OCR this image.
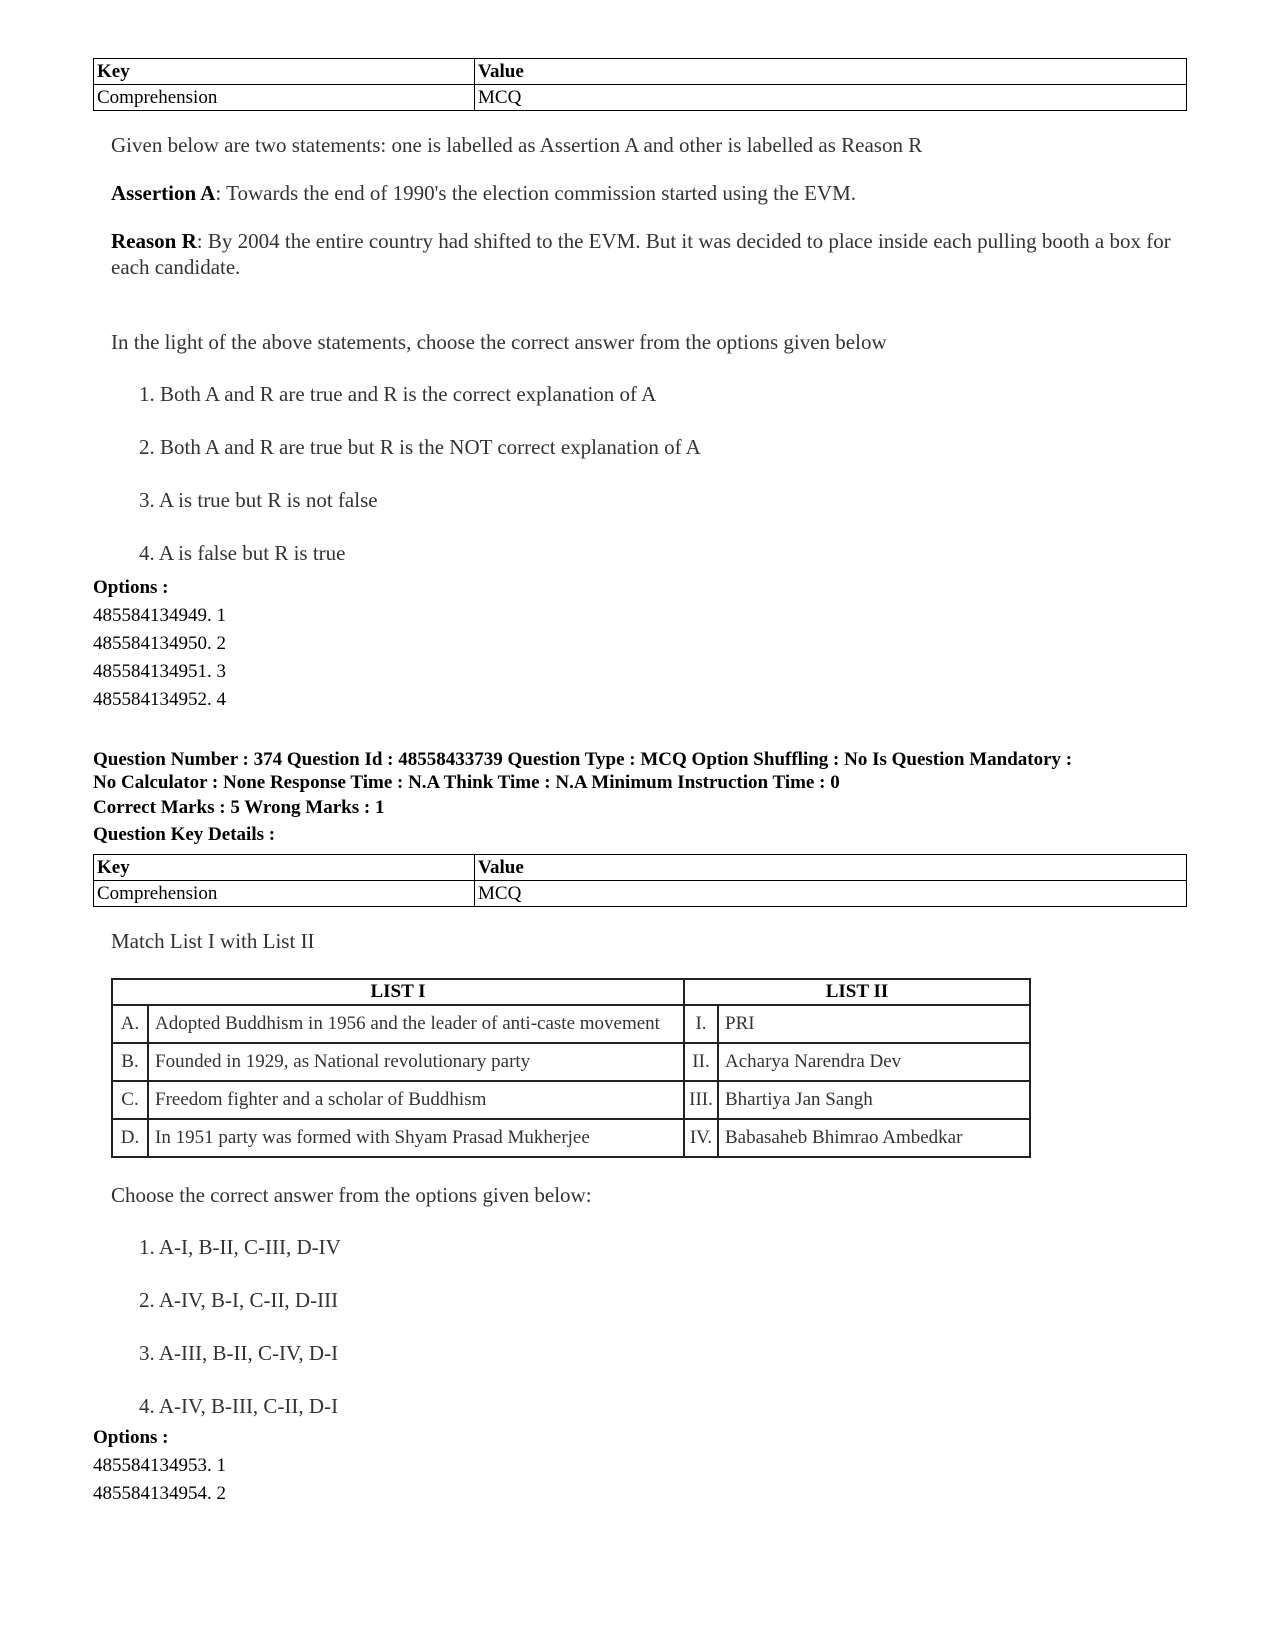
Key	Value
Comprehension	MCQ

Given below are two statements: one is labelled as Assertion A and other is labelled as Reason R

Assertion A: Towards the end of 1990's the election commission started using the EVM.

Reason R: By 2004 the entire country had shifted to the EVM. But it was decided to place inside each pulling booth a box for each candidate.

In the light of the above statements, choose the correct answer from the options given below

1. Both A and R are true and R is the correct explanation of A
2. Both A and R are true but R is the NOT correct explanation of A
3. A is true but R is not false
4. A is false but R is true
Options :
485584134949. 1
485584134950. 2
485584134951. 3
485584134952. 4
Question Number : 374 Question Id : 48558433739 Question Type : MCQ Option Shuffling : No Is Question Mandatory :
No Calculator : None Response Time : N.A Think Time : N.A Minimum Instruction Time : 0
Correct Marks : 5 Wrong Marks : 1
Question Key Details :
Key	Value
Comprehension	MCQ

Match List I with List II

LIST I		LIST II	
A.	Adopted Buddhism in 1956 and the leader of anti-caste movement	I.	PRI
B.	Founded in 1929, as National revolutionary party	II.	Acharya Narendra Dev
C.	Freedom fighter and a scholar of Buddhism	III.	Bhartiya Jan Sangh
D.	In 1951 party was formed with Shyam Prasad Mukherjee	IV.	Babasaheb Bhimrao Ambedkar

Choose the correct answer from the options given below:

1. A-I, B-II, C-III, D-IV
2. A-IV, B-I, C-II, D-III
3. A-III, B-II, C-IV, D-I
4. A-IV, B-III, C-II, D-I
Options :
485584134953. 1
485584134954. 2
